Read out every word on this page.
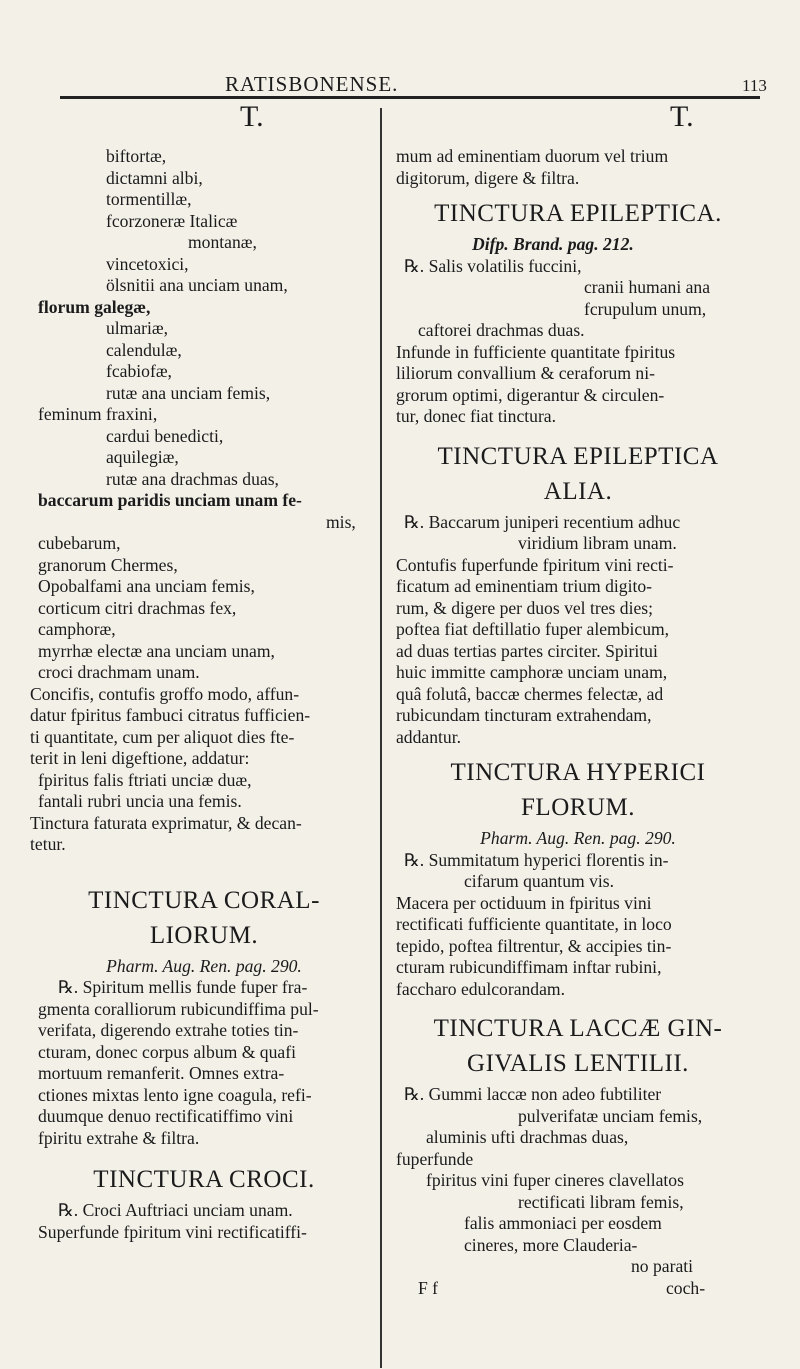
RATISBONENSE.	113
T.	T.
biftortæ,
dictamni albi,
tormentillæ,
fcorzoneræ Italicæ
montanæ,
vincetoxici,
ölsnitii ana unciam unam,
florum galegæ,
ulmariæ,
calendulæ,
fcabiofæ,
rutæ ana unciam femis,
feminum fraxini,
cardui benedicti,
aquilegiæ,
rutæ ana drachmas duas,
baccarum paridis unciam unam fe-
mis,
cubebarum,
granorum Chermes,
Opobalfami ana unciam femis,
corticum citri drachmas fex,
camphoræ,
myrrhæ electæ ana unciam unam,
croci drachmam unam.
Concifis, contufis groffo modo, affun-
datur fpiritus fambuci citratus fufficien-
ti quantitate, cum per aliquot dies fte-
terit in leni digeftione, addatur:
fpiritus falis ftriati unciæ duæ,
fantali rubri uncia una femis.
Tinctura faturata exprimatur, & decan-
tetur.
TINCTURA CORAL-
LIORUM.
Pharm. Aug. Ren. pag. 290.
℞. Spiritum mellis funde fuper fra-
gmenta coralliorum rubicundiffima pul-
verifata, digerendo extrahe toties tin-
cturam, donec corpus album & quafi
mortuum remanferit. Omnes extra-
ctiones mixtas lento igne coagula, refi-
duumque denuo rectificatiffimo vini
fpiritu extrahe & filtra.
TINCTURA CROCI.
℞. Croci Auftriaci unciam unam.
Superfunde fpiritum vini rectificatiffi-
mum ad eminentiam duorum vel trium
digitorum, digere & filtra.
TINCTURA EPILEPTICA.
Difp. Brand. pag. 212.
℞. Salis volatilis fuccini,
cranii humani ana
fcrupulum unum,
caftorei drachmas duas.
Infunde in fufficiente quantitate fpiritus
liliorum convallium & ceraforum ni-
grorum optimi, digerantur & circulen-
tur, donec fiat tinctura.
TINCTURA EPILEPTICA
ALIA.
℞. Baccarum juniperi recentium adhuc
viridium libram unam.
Contufis fuperfunde fpiritum vini recti-
ficatum ad eminentiam trium digito-
rum, & digere per duos vel tres dies;
poftea fiat deftillatio fuper alembicum,
ad duas tertias partes circiter. Spiritui
huic immitte camphoræ unciam unam,
quâ folutâ, baccæ chermes felectæ, ad
rubicundam tincturam extrahendam,
addantur.
TINCTURA HYPERICI
FLORUM.
Pharm. Aug. Ren. pag. 290.
℞. Summitatum hyperici florentis in-
cifarum quantum vis.
Macera per octiduum in fpiritus vini
rectificati fufficiente quantitate, in loco
tepido, poftea filtrentur, & accipies tin-
cturam rubicundiffimam inftar rubini,
faccharo edulcorandam.
TINCTURA LACCÆ GIN-
GIVALIS LENTILII.
℞. Gummi laccæ non adeo fubtiliter
pulverifatæ unciam femis,
aluminis ufti drachmas duas,
fuperfunde
fpiritus vini fuper cineres clavellatos
rectificati libram femis,
falis ammoniaci per eosdem
cineres, more Clauderia-
no parati
F f	coch-
